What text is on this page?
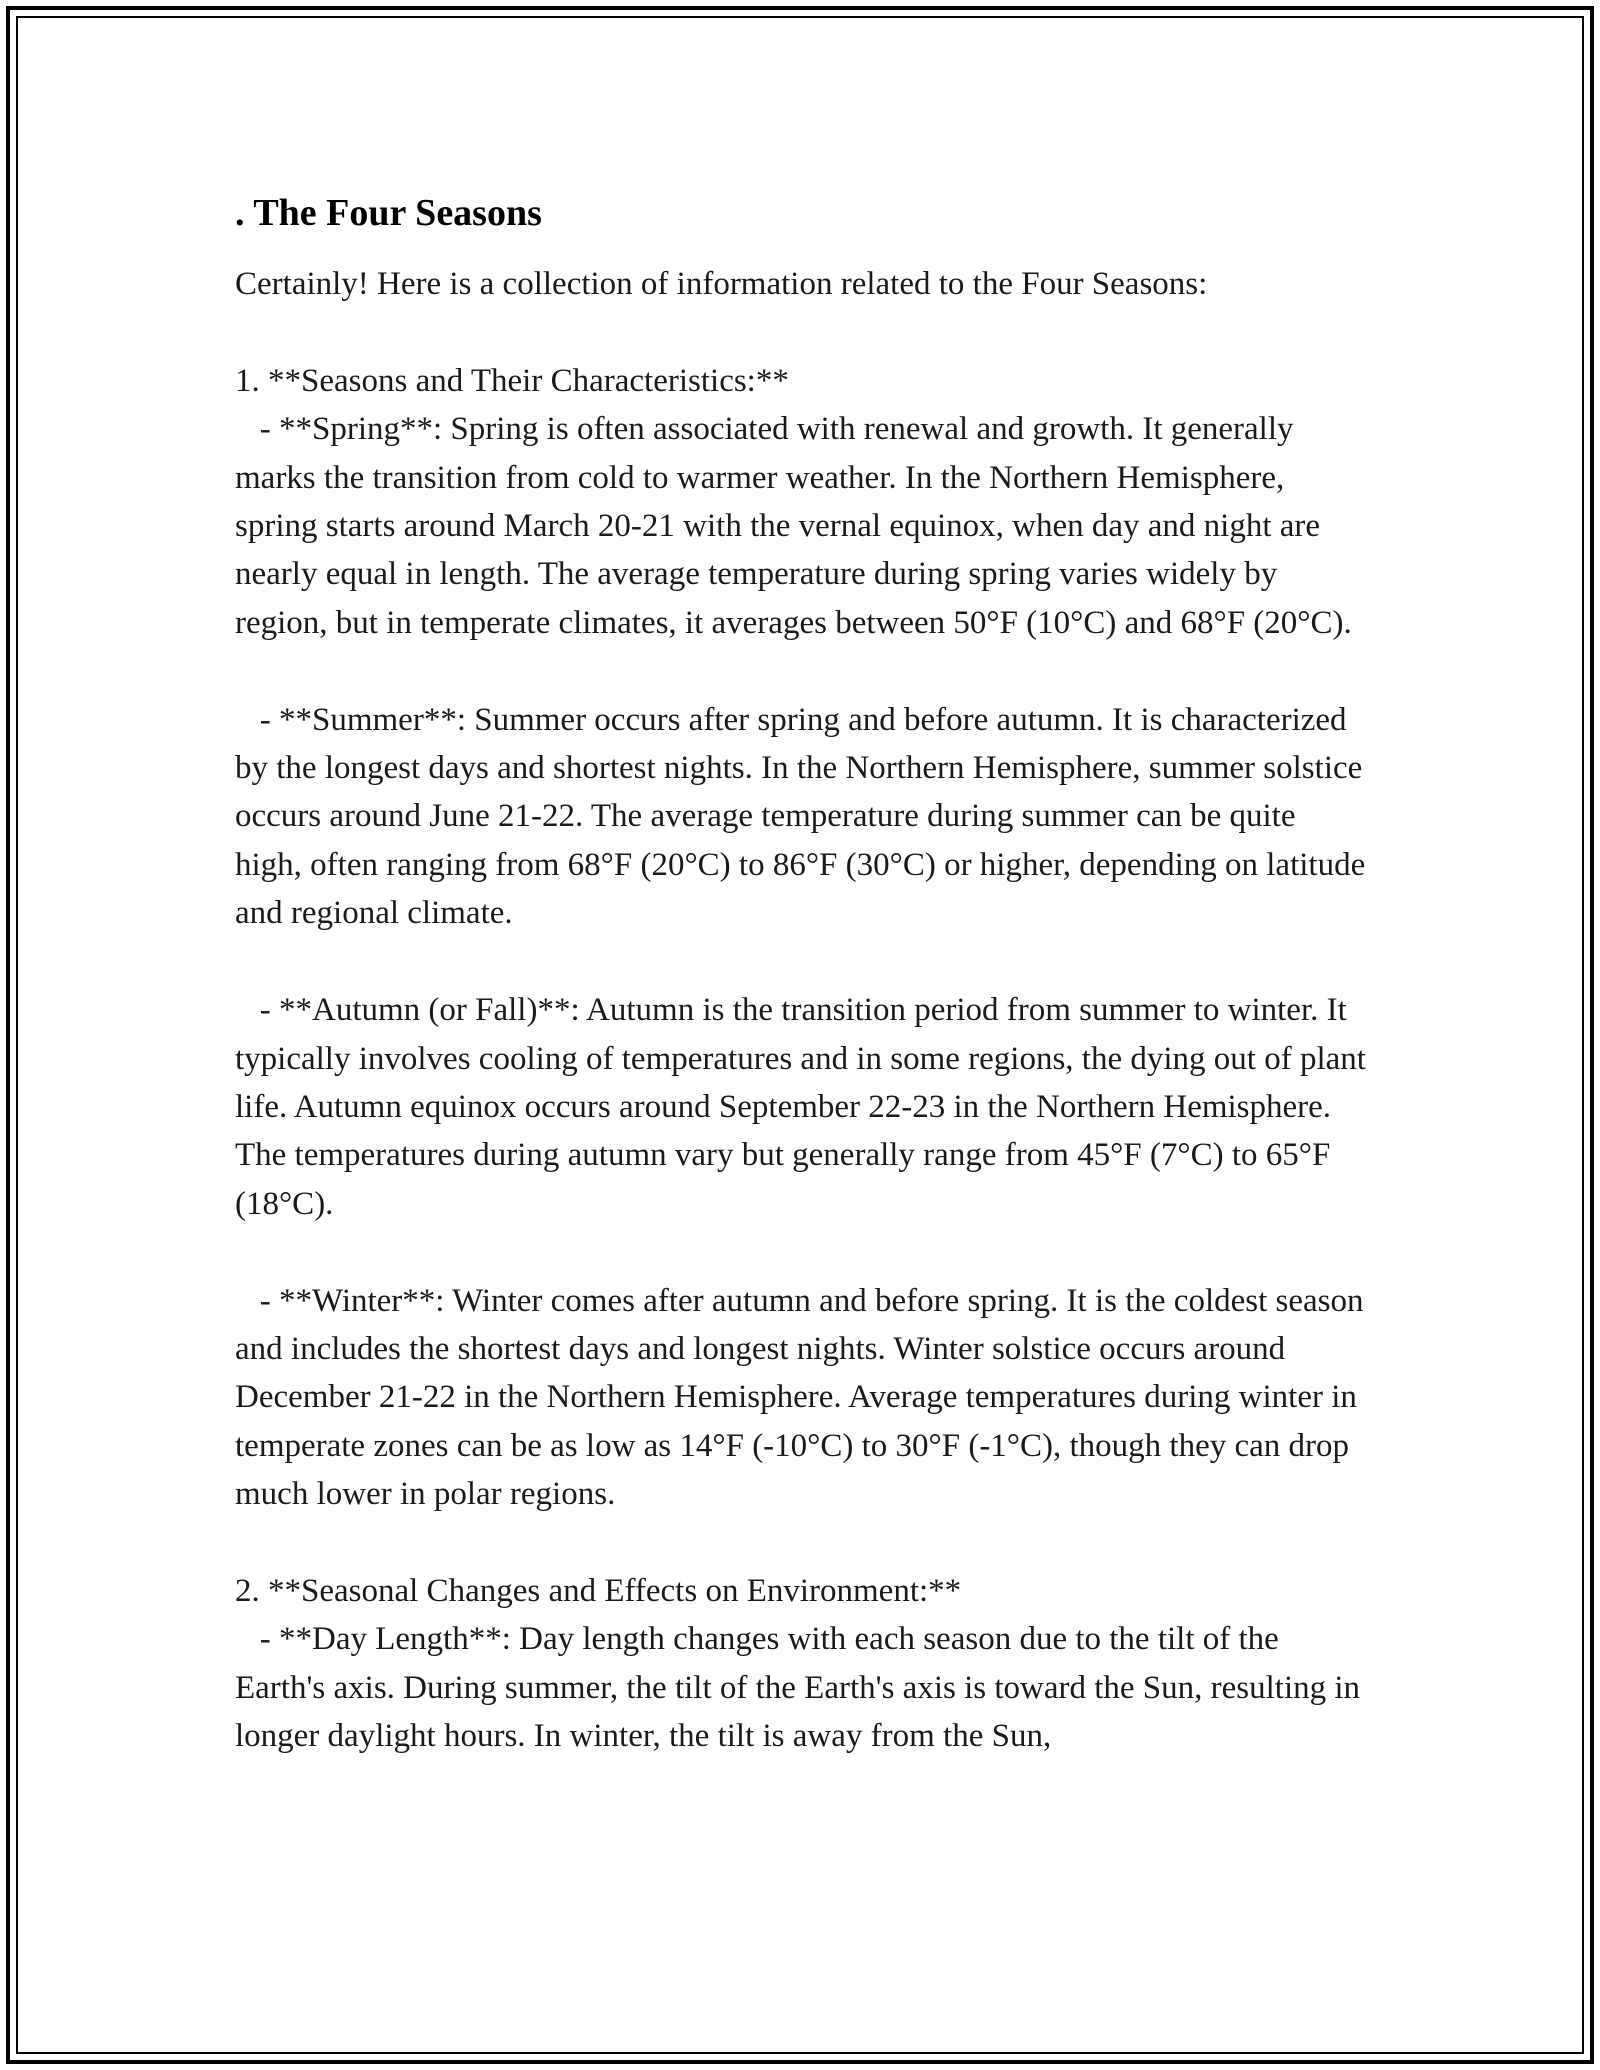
. The Four Seasons

Certainly! Here is a collection of information related to the Four Seasons:

1. **Seasons and Their Characteristics:**
- **Spring**: Spring is often associated with renewal and growth. It generally marks the transition from cold to warmer weather. In the Northern Hemisphere, spring starts around March 20-21 with the vernal equinox, when day and night are nearly equal in length. The average temperature during spring varies widely by region, but in temperate climates, it averages between 50°F (10°C) and 68°F (20°C).

- **Summer**: Summer occurs after spring and before autumn. It is characterized by the longest days and shortest nights. In the Northern Hemisphere, summer solstice occurs around June 21-22. The average temperature during summer can be quite high, often ranging from 68°F (20°C) to 86°F (30°C) or higher, depending on latitude and regional climate.

- **Autumn (or Fall)**: Autumn is the transition period from summer to winter. It typically involves cooling of temperatures and in some regions, the dying out of plant life. Autumn equinox occurs around September 22-23 in the Northern Hemisphere. The temperatures during autumn vary but generally range from 45°F (7°C) to 65°F (18°C).

- **Winter**: Winter comes after autumn and before spring. It is the coldest season and includes the shortest days and longest nights. Winter solstice occurs around December 21-22 in the Northern Hemisphere. Average temperatures during winter in temperate zones can be as low as 14°F (-10°C) to 30°F (-1°C), though they can drop much lower in polar regions.

2. **Seasonal Changes and Effects on Environment:**
- **Day Length**: Day length changes with each season due to the tilt of the Earth's axis. During summer, the tilt of the Earth's axis is toward the Sun, resulting in longer daylight hours. In winter, the tilt is away from the Sun,
